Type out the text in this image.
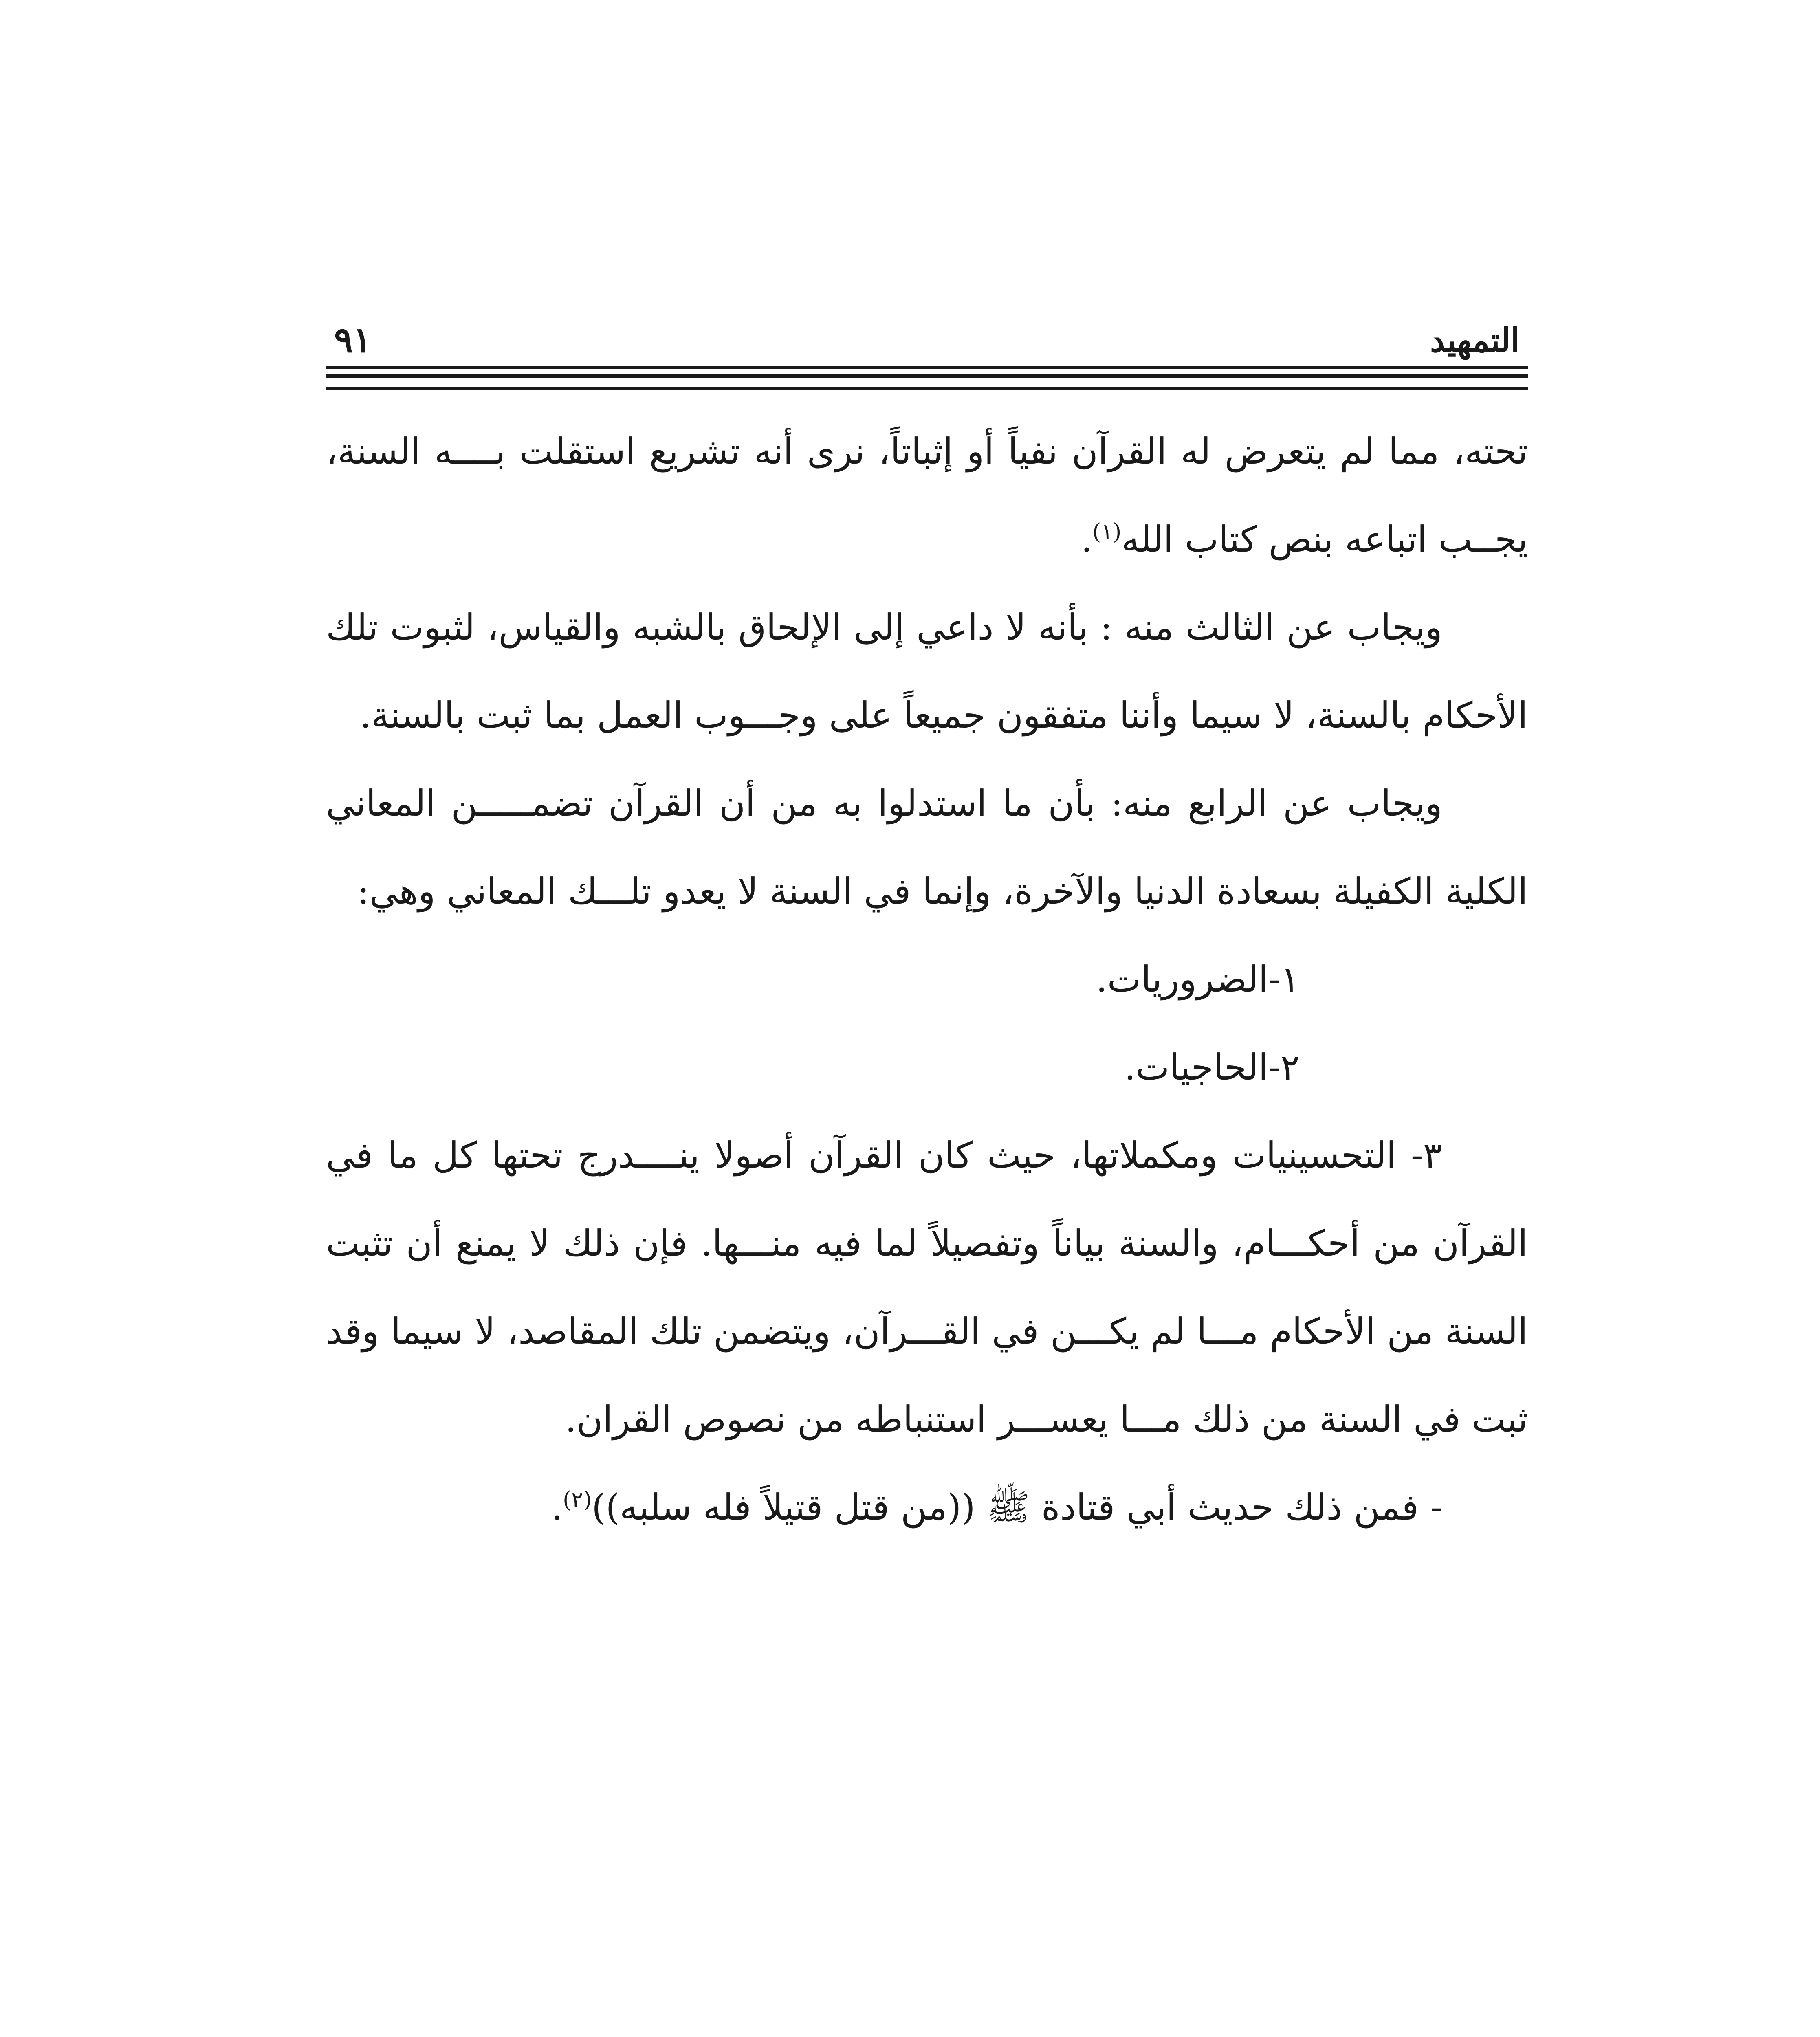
التمهيد
٩١

تحته، مما لم يتعرض له القرآن نفياً أو إثباتاً، نرى أنه تشريع استقلت بــــه السنة، يجــب اتباعه بنص كتاب الله$^{(١)}$.

ويجاب عن الثالث منه : بأنه لا داعي إلى الإلحاق بالشبه والقياس، لثبوت تلك الأحكام بالسنة، لا سيما وأننا متفقون جميعاً على وجـــوب العمل بما ثبت بالسنة.

ويجاب عن الرابع منه: بأن ما استدلوا به من أن القرآن تضمـــــن المعاني الكلية الكفيلة بسعادة الدنيا والآخرة، وإنما في السنة لا يعدو تلـــك المعاني وهي:

١-الضروريات.

٢-الحاجيات.

٣- التحسينيات ومكملاتها، حيث كان القرآن أصولا ينــــدرج تحتها كل ما في القرآن من أحكـــام، والسنة بياناً وتفصيلاً لما فيه منـــها. فإن ذلك لا يمنع أن تثبت السنة من الأحكام مـــا لم يكـــن في القـــرآن، ويتضمن تلك المقاصد، لا سيما وقد ثبت في السنة من ذلك مـــا يعســـر استنباطه من نصوص القران.

- فمن ذلك حديث أبي قتادة ﷺ ((من قتل قتيلاً فله سلبه))$^{(٢)}$.
